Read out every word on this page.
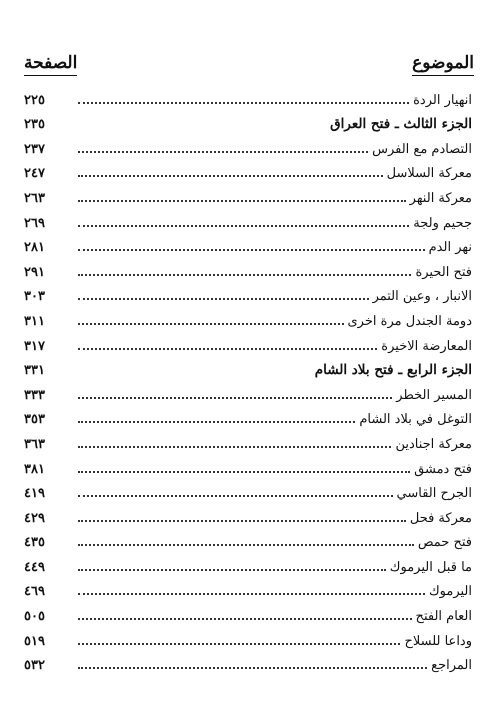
الموضوع
الصفحة
انهيار الردة
٢٢٥
الجزء الثالث ـ فتح العراق
٢٣٥
التصادم مع الفرس
٢٣٧
معركة السلاسل
٢٤٧
معركة النهر
٢٦٣
جحيم ولجة
٢٦٩
نهر الدم
٢٨١
فتح الحيرة
٢٩١
الانبار ، وعين التمر
٣٠٣
دومة الجندل مرة اخرى
٣١١
المعارضة الاخيرة
٣١٧
الجزء الرابع ـ فتح بلاد الشام
٣٣١
المسير الخطر
٣٣٣
التوغل في بلاد الشام
٣٥٣
معركة اجنادين
٣٦٣
فتح دمشق
٣٨١
الجرح القاسي
٤١٩
معركة فحل
٤٢٩
فتح حمص
٤٣٥
ما قبل اليرموك
٤٤٩
اليرموك
٤٦٩
العام الفتح
٥٠٥
وداعا للسلاح
٥١٩
المراجع
٥٣٢
